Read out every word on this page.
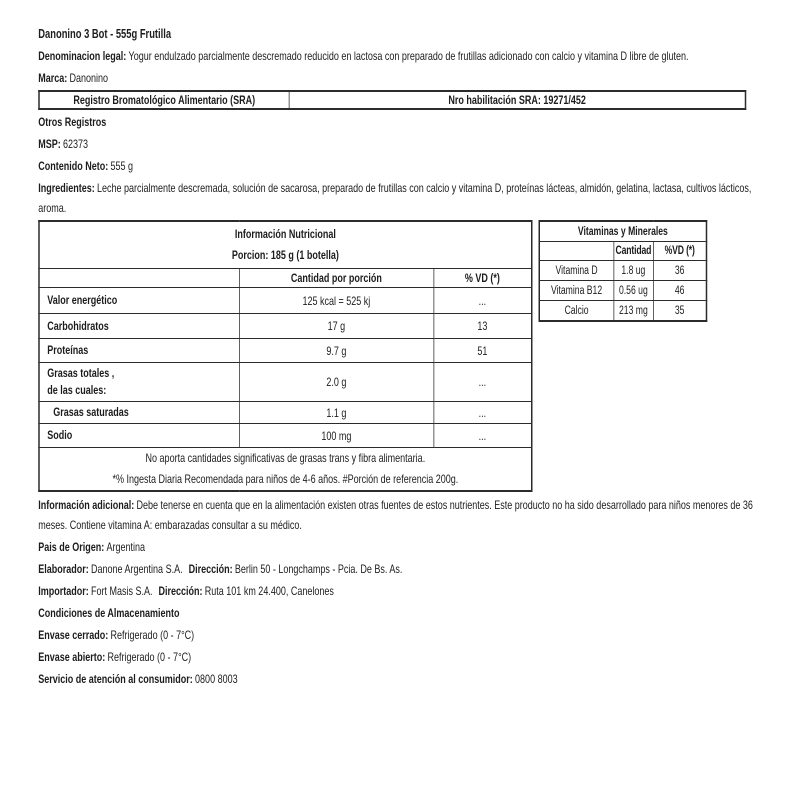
Danonino 3 Bot - 555g Frutilla

Denominacion legal: Yogur endulzado parcialmente descremado reducido en lactosa con preparado de frutillas adicionado con calcio y vitamina D libre de gluten.

Marca: Danonino

Registro Bromatológico Alimentario (SRA)	Nro habilitación SRA: 19271/452

Otros Registros

MSP: 62373

Contenido Neto: 555 g

Ingredientes: Leche parcialmente descremada, solución de sacarosa, preparado de frutillas con calcio y vitamina D, proteínas lácteas, almidón, gelatina, lactasa, cultivos lácticos, aroma.

Información Nutricional
Porcion: 185 g (1 botella)		

	Cantidad por porción	% VD (*)

Valor energético	125 kcal = 525 kj	...

Carbohidratos	17 g	13

Proteínas	9.7 g	51

Grasas totales ,
de las cuales:	2.0 g	...

Grasas saturadas	1.1 g	...

Sodio	100 mg	...

No aporta cantidades significativas de grasas trans y fibra alimentaria.
*% Ingesta Diaria Recomendada para niños de 4-6 años. #Porción de referencia 200g.		
Vitaminas y Minerales		
	Cantidad	%VD (*)
Vitamina D	1.8 ug	36
Vitamina B12	0.56 ug	46
Calcio	213 mg	35

Información adicional: Debe tenerse en cuenta que en la alimentación existen otras fuentes de estos nutrientes. Este producto no ha sido desarrollado para niños menores de 36 meses. Contiene vitamina A: embarazadas consultar a su médico.

Pais de Origen: Argentina

Elaborador: Danone Argentina S.A. Dirección: Berlin 50 - Longchamps - Pcia. De Bs. As.

Importador: Fort Masis S.A. Dirección: Ruta 101 km 24.400, Canelones

Condiciones de Almacenamiento

Envase cerrado: Refrigerado (0 - 7°C)

Envase abierto: Refrigerado (0 - 7°C)

Servicio de atención al consumidor: 0800 8003
